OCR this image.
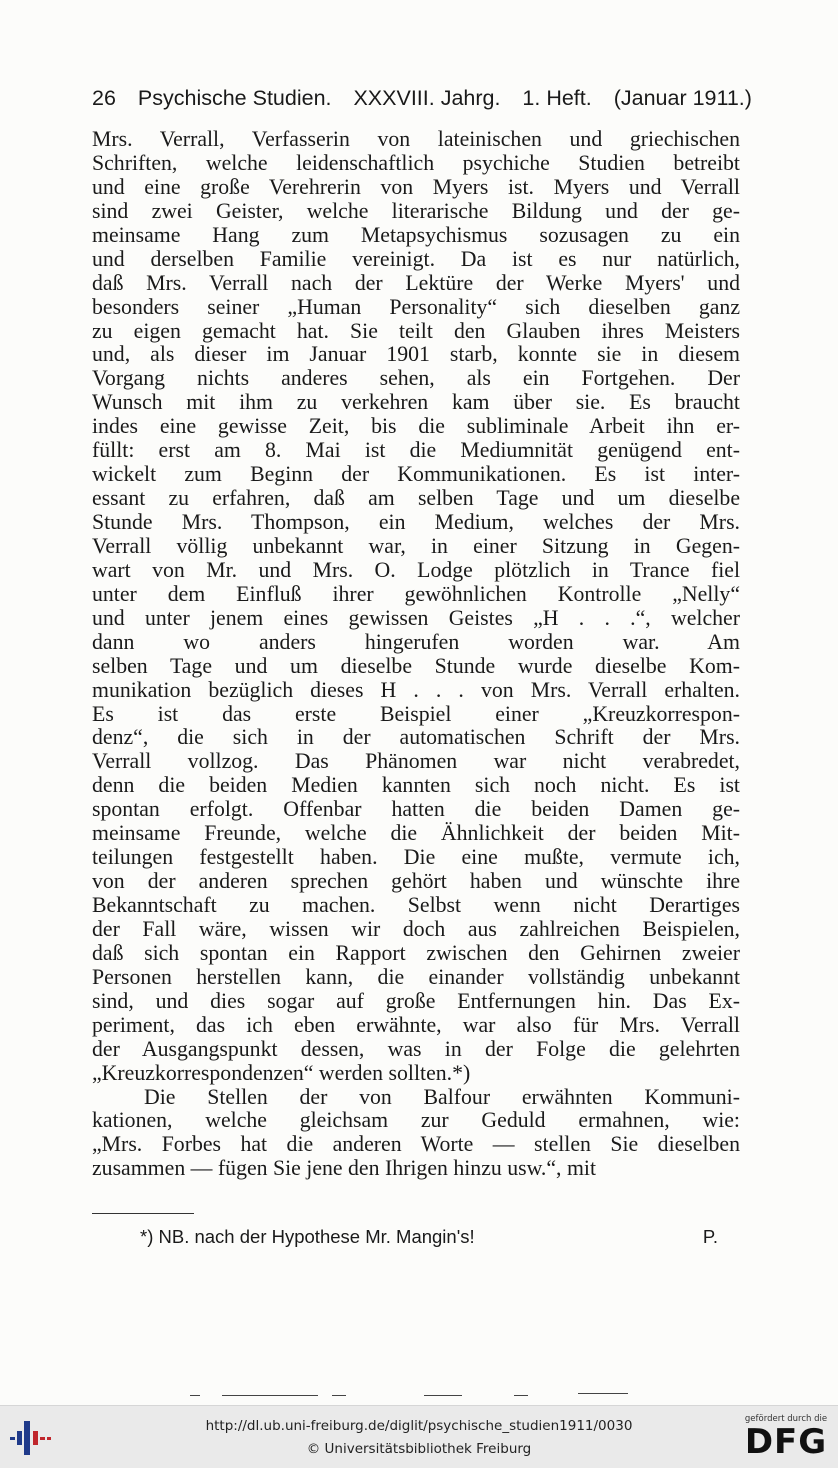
26 Psychische Studien. XXXVIII. Jahrg. 1. Heft. (Januar 1911.)
Mrs. Verrall, Verfasserin von lateinischen und griechischen
Schriften, welche leidenschaftlich psychiche Studien betreibt
und eine große Verehrerin von Myers ist. Myers und Verrall
sind zwei Geister, welche literarische Bildung und der ge-
meinsame Hang zum Metapsychismus sozusagen zu ein
und derselben Familie vereinigt. Da ist es nur natürlich,
daß Mrs. Verrall nach der Lektüre der Werke Myers' und
besonders seiner „Human Personality“ sich dieselben ganz
zu eigen gemacht hat. Sie teilt den Glauben ihres Meisters
und, als dieser im Januar 1901 starb, konnte sie in diesem
Vorgang nichts anderes sehen, als ein Fortgehen. Der
Wunsch mit ihm zu verkehren kam über sie. Es braucht
indes eine gewisse Zeit, bis die subliminale Arbeit ihn er-
füllt: erst am 8. Mai ist die Mediumnität genügend ent-
wickelt zum Beginn der Kommunikationen. Es ist inter-
essant zu erfahren, daß am selben Tage und um dieselbe
Stunde Mrs. Thompson, ein Medium, welches der Mrs.
Verrall völlig unbekannt war, in einer Sitzung in Gegen-
wart von Mr. und Mrs. O. Lodge plötzlich in Trance fiel
unter dem Einfluß ihrer gewöhnlichen Kontrolle „Nelly“
und unter jenem eines gewissen Geistes „H . . .“, welcher
dann wo anders hingerufen worden war. Am
selben Tage und um dieselbe Stunde wurde dieselbe Kom-
munikation bezüglich dieses H . . . von Mrs. Verrall erhalten.
Es ist das erste Beispiel einer „Kreuzkorrespon-
denz“, die sich in der automatischen Schrift der Mrs.
Verrall vollzog. Das Phänomen war nicht verabredet,
denn die beiden Medien kannten sich noch nicht. Es ist
spontan erfolgt. Offenbar hatten die beiden Damen ge-
meinsame Freunde, welche die Ähnlichkeit der beiden Mit-
teilungen festgestellt haben. Die eine mußte, vermute ich,
von der anderen sprechen gehört haben und wünschte ihre
Bekanntschaft zu machen. Selbst wenn nicht Derartiges
der Fall wäre, wissen wir doch aus zahlreichen Beispielen,
daß sich spontan ein Rapport zwischen den Gehirnen zweier
Personen herstellen kann, die einander vollständig unbekannt
sind, und dies sogar auf große Entfernungen hin. Das Ex-
periment, das ich eben erwähnte, war also für Mrs. Verrall
der Ausgangspunkt dessen, was in der Folge die gelehrten
„Kreuzkorrespondenzen“ werden sollten.*)
Die Stellen der von Balfour erwähnten Kommuni-
kationen, welche gleichsam zur Geduld ermahnen, wie:
„Mrs. Forbes hat die anderen Worte — stellen Sie dieselben
zusammen — fügen Sie jene den Ihrigen hinzu usw.“, mit
*) NB. nach der Hypothese Mr. Mangin's!	P.
http://dl.ub.uni-freiburg.de/diglit/psychische_studien1911/0030
© Universitätsbibliothek Freiburg
gefördert durch die
DFG
